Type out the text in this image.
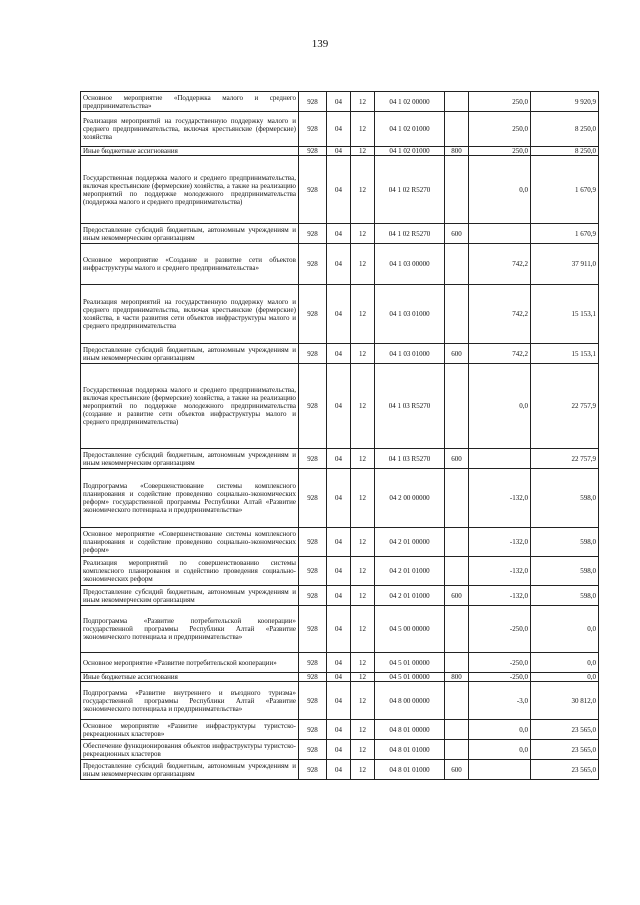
139
Основное мероприятие «Поддержка малого и среднего предпринимательства»	928	04	12	04 1 02 00000		250,0	9 920,9
Реализация мероприятий на государственную поддержку малого и среднего предпринимательства, включая крестьянские (фермерские) хозяйства	928	04	12	04 1 02 01000		250,0	8 250,0
Иные бюджетные ассигнования	928	04	12	04 1 02 01000	800	250,0	8 250,0
Государственная поддержка малого и среднего предпринимательства, включая крестьянские (фермерские) хозяйства, а также на реализацию мероприятий по поддержке молодежного предпринимательства (поддержка малого и среднего предпринимательства)	928	04	12	04 1 02 R5270		0,0	1 670,9
Предоставление субсидий бюджетным, автономным учреждениям и иным некоммерческим организациям	928	04	12	04 1 02 R5270	600		1 670,9
Основное мероприятие «Создание и развитие сети объектов инфраструктуры малого и среднего предпринимательства»	928	04	12	04 1 03 00000		742,2	37 911,0
Реализация мероприятий на государственную поддержку малого и среднего предпринимательства, включая крестьянские (фермерские) хозяйства, в части развития сети объектов инфраструктуры малого и среднего предпринимательства	928	04	12	04 1 03 01000		742,2	15 153,1
Предоставление субсидий бюджетным, автономным учреждениям и иным некоммерческим организациям	928	04	12	04 1 03 01000	600	742,2	15 153,1
Государственная поддержка малого и среднего предпринимательства, включая крестьянские (фермерские) хозяйства, а также на реализацию мероприятий по поддержке молодежного предпринимательства (создание и развитие сети объектов инфраструктуры малого и среднего предпринимательства)	928	04	12	04 1 03 R5270		0,0	22 757,9
Предоставление субсидий бюджетным, автономным учреждениям и иным некоммерческим организациям	928	04	12	04 1 03 R5270	600		22 757,9
Подпрограмма «Совершенствование системы комплексного планирования и содействие проведению социально-экономических реформ» государственной программы Республики Алтай «Развитие экономического потенциала и предпринимательства»	928	04	12	04 2 00 00000		-132,0	598,0
Основное мероприятие «Совершенствование системы комплексного планирования и содействие проведению социально-экономических реформ»	928	04	12	04 2 01 00000		-132,0	598,0
Реализация мероприятий по совершенствованию системы комплексного планирования и содействию проведения социально-экономических реформ	928	04	12	04 2 01 01000		-132,0	598,0
Предоставление субсидий бюджетным, автономным учреждениям и иным некоммерческим организациям	928	04	12	04 2 01 01000	600	-132,0	598,0
Подпрограмма «Развитие потребительской кооперации» государственной программы Республики Алтай «Развитие экономического потенциала и предпринимательства»	928	04	12	04 5 00 00000		-250,0	0,0
Основное мероприятие «Развитие потребительской кооперации»	928	04	12	04 5 01 00000		-250,0	0,0
Иные бюджетные ассигнования	928	04	12	04 5 01 00000	800	-250,0	0,0
Подпрограмма «Развитие внутреннего и въездного туризма» государственной программы Республики Алтай «Развитие экономического потенциала и предпринимательства»	928	04	12	04 8 00 00000		-3,0	30 812,0
Основное мероприятие «Развитие инфраструктуры туристско-рекреационных кластеров»	928	04	12	04 8 01 00000		0,0	23 565,0
Обеспечение функционирования объектов инфраструктуры туристско-рекреационных кластеров	928	04	12	04 8 01 01000		0,0	23 565,0
Предоставление субсидий бюджетным, автономным учреждениям и иным некоммерческим организациям	928	04	12	04 8 01 01000	600		23 565,0
